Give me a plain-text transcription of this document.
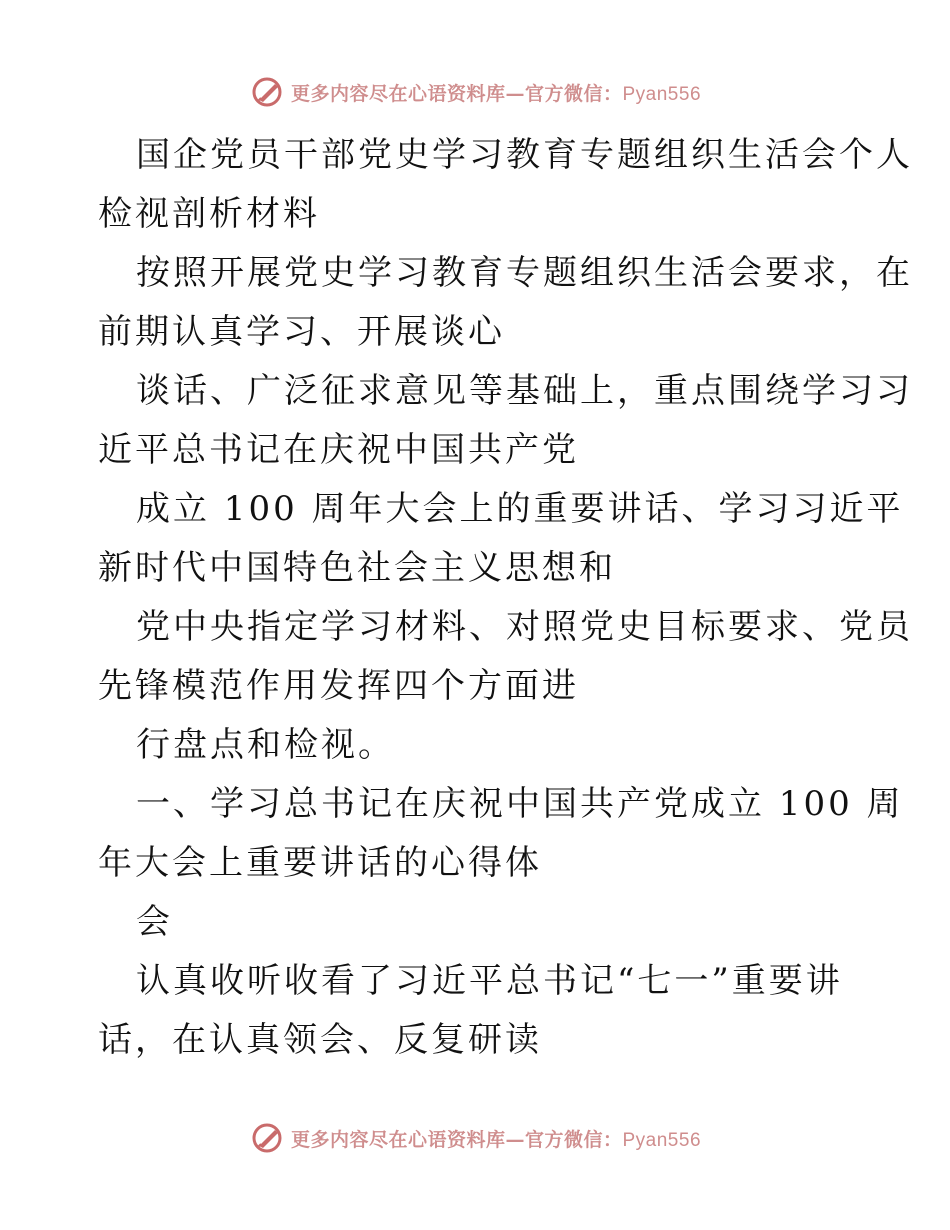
更多内容尽在心语资料库—官方微信：Pyan556
国企党员干部党史学习教育专题组织生活会个人
检视剖析材料
按照开展党史学习教育专题组织生活会要求，在
前期认真学习、开展谈心
谈话、广泛征求意见等基础上，重点围绕学习习
近平总书记在庆祝中国共产党
成立 100 周年大会上的重要讲话、学习习近平
新时代中国特色社会主义思想和
党中央指定学习材料、对照党史目标要求、党员
先锋模范作用发挥四个方面进
行盘点和检视。
一、学习总书记在庆祝中国共产党成立 100 周
年大会上重要讲话的心得体
会
认真收听收看了习近平总书记“七一”重要讲
话，在认真领会、反复研读
更多内容尽在心语资料库—官方微信：Pyan556
